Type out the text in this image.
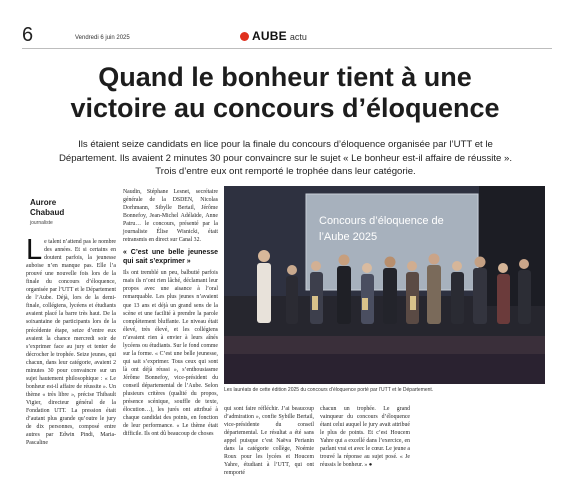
6	Vendredi 6 juin 2025	AUBE actu
Quand le bonheur tient à une
victoire au concours d’éloquence
Ils étaient seize candidats en lice pour la finale du concours d’éloquence organisée par l’UTT et le Département. Ils avaient 2 minutes 30 pour convaincre sur le sujet « Le bonheur est-il affaire de réussite ». Trois d’entre eux ont remporté le trophée dans leur catégorie.
Aurore
Chabaud
journaliste
L e talent n’attend pas le nombre des années. Et si certains en doutent parfois, la jeunesse auboise n’en manque pas. Elle l’a prouvé une nouvelle fois lors de la finale du concours d’éloquence, organisée par l’UTT et le Département de l’Aube. Déjà, lors de la demi-finale, collégiens, lycéens et étudiants avaient placé la barre très haut. De la soixantaine de participants lors de la précédente étape, seize d’entre eux avaient la chance mercredi soir de s’exprimer face au jury et tenter de décrocher le trophée. Seize jeunes, qui chacun, dans leur catégorie, avaient 2 minutes 30 pour convaincre sur un sujet hautement philosophique : « Le bonheur est-il affaire de réussite ». Un thème « très libre », précise Thibault Vigier, directeur général de la Fondation UTT. La pression était d’autant plus grande qu’outre le jury de dix personnes, composé entre autres par Edwin Pindi, Maria-Pascaline

Naudin, Stéphane Lesnet, secrétaire générale de la DSDEN, Nicolas Dorhmann, Sibylle Bertail, Jérôme Bonnefoy, Jean-Michel Adélaïde, Anne Patru… le concours, présenté par la journaliste Élise Wisnicki, était retransmis en direct sur Canal 32.

« C’est une belle jeunesse qui sait s’exprimer »

Ils ont tremblé un peu, balbutié parfois mais ils n’ont rien lâché, déclamant leur propos avec une aisance à l’oral remarquable. Les plus jeunes n’avaient que 13 ans et déjà un grand sens de la scène et une facilité à prendre la parole complètement bluffante. Le niveau était élevé, très élevé, et les collégiens n’avaient rien à envier à leurs aînés lycéens ou étudiants. Sur le fond comme sur la forme. « C’est une belle jeunesse, qui sait s’exprimer. Tous ceux qui sont là ont déjà réussi », s’enthousiasme Jérôme Bonnefoy, vice-président du conseil départemental de l’Aube. Selon plusieurs critères (qualité du propos, présence scénique, souffle de texte, élocution…), les jurés ont attribué à chaque candidat des points, en fonction de leur performance. « Le thème était difficile. Ils ont dû beaucoup de choses

Concours d’éloquence de
l’Aube 2025
Les lauréats de cette édition 2025 du concours d’éloquence porté par l’UTT et le Département.

qui sont faire réfléchir. J’ai beaucoup d’admiration », confie Sybille Bertail, vice-présidente du conseil départemental. Le résultat a été sans appel puisque c’est Naëva Perianin dans la catégorie collège, Noémie Roux pour les lycées et Houcem Yahre, étudiant à l’UTT, qui ont remporté

chacun un trophée. Le grand vainqueur du concours d’éloquence étant celui auquel le jury avait attribué le plus de points. Et c’est Houcem Yahre qui a excellé dans l’exercice, en parlant vrai et avec le cœur. Le jeune a trouvé la réponse au sujet posé. « Je réussis le bonheur. » ●
